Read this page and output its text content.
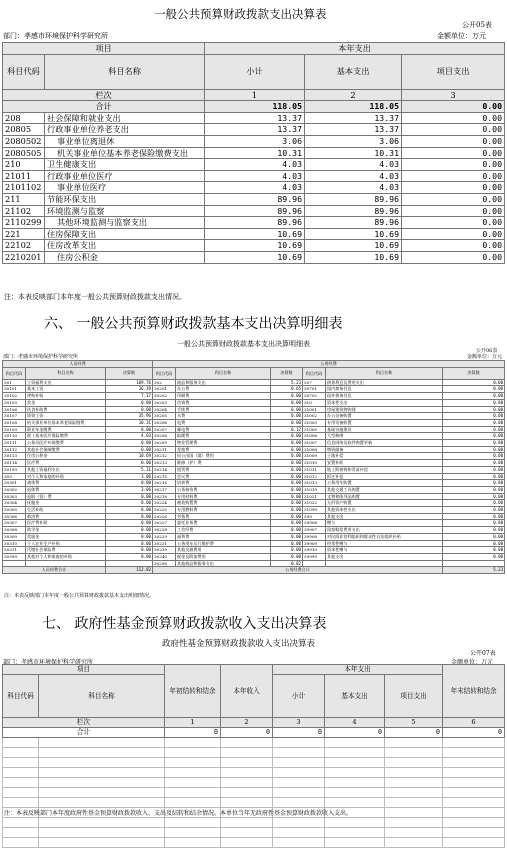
一般公共预算财政拨款支出决算表
公开05表
部门：孝感市环境保护科学研究所	金额单位：万元
项目		本年支出		
科目代码	科目名称	小计	基本支出	项目支出
栏次		1	2	3
合计		118.05	118.05	0.00
208	社会保障和就业支出	13.37	13.37	0.00
20805	行政事业单位养老支出	13.37	13.37	0.00
2080502	事业单位离退休	3.06	3.06	0.00
2080505	机关事业单位基本养老保险缴费支出	10.31	10.31	0.00
210	卫生健康支出	4.03	4.03	0.00
21011	行政事业单位医疗	4.03	4.03	0.00
2101102	事业单位医疗	4.03	4.03	0.00
211	节能环保支出	89.96	89.96	0.00
21102	环境监测与监察	89.96	89.96	0.00
2110299	其他环境监测与监察支出	89.96	89.96	0.00
221	住房保障支出	10.69	10.69	0.00
22102	住房改革支出	10.69	10.69	0.00
2210201	住房公积金	10.69	10.69	0.00
注：本表反映部门本年度一般公共预算财政拨款支出情况。
六、 一般公共预算财政拨款基本支出决算明细表
一般公共预算财政拨款基本支出决算明细表
公开06表
部门：孝感市环境保护科学研究所	金额单位：万元
人员经费			公用经费					
科目代码	科目名称	决算数	科目代码	科目名称	决算数	科目代码	科目名称	决算数
301	工资福利支出	109.76	302	商品和服务支出	5.23	307	债务利息及费用支出	0.00
30101	基本工资	36.39	30201	办公费	0.65	30701	国内债务付息	0.00
30102	津贴补贴	7.17	30202	印刷费	0.00	30702	国外债务付息	0.00
30103	奖金	0.00	30203	咨询费	0.00	310	资本性支出	0.00
30106	伙食补助费	0.00	30204	手续费	0.00	31001	房屋建筑物购建	0.00
30107	绩效工资	35.96	30205	水费	0.00	31002	办公设备购置	0.00
30108	机关事业单位基本养老保险缴费	10.31	30206	电费	0.00	31003	专用设备购置	0.00
30109	职业年金缴费	0.00	30207	邮电费	0.12	31005	基础设施建设	0.00
30110	职工基本医疗保险缴费	4.03	30208	取暖费	0.00	31006	大型修缮	0.00
30111	公务员医疗补助缴费	0.00	30209	物业管理费	0.00	31007	信息网络及软件购置更新	0.00
30112	其他社会保障缴费	0.00	30211	差旅费	0.00	31008	物资储备	0.00
30113	住房公积金	10.69	30212	因公出国（境）费用	0.00	31009	土地补偿	0.00
30114	医疗费	0.00	30213	维修（护）费	0.00	31010	安置补助	0.00
30199	其他工资福利支出	5.31	30214	租赁费	0.00	31011	地上附着物和青苗补偿	0.00
303	对个人和家庭的补助	3.06	30215	会议费	0.00	31012	拆迁补偿	0.00
30301	离休费	0.00	30216	培训费	0.00	31013	公务用车购置	0.00
30302	退休费	3.06	30217	公务接待费	0.00	31019	其他交通工具购置	0.00
30303	退职（役）费	0.00	30218	专用材料费	0.00	31021	文物和陈列品购置	0.00
30304	抚恤金	0.00	30224	被装购置费	0.00	31022	无形资产购置	0.00
30305	生活补助	0.00	30225	专用燃料费	0.00	31099	其他资本性支出	0.00
30306	救济费	0.00	30226	劳务费	0.00	399	其他支出	0.00
30307	医疗费补助	0.00	30227	委托业务费	0.00	39906	赠与	0.00
30308	助学金	0.00	30228	工会经费	0.00	39907	国家赔偿费用支出	0.00
30309	奖励金	0.00	30229	福利费	0.00	39908	对民间非营利组织和群众性自治组织补贴	0.00
30310	个人农业生产补贴	0.00	30231	公务用车运行维护费	0.00	39909	经常性赠与	0.00
30311	代缴社会保险费	0.00	30239	其他交通费用	0.00	39910	资本性赠与	0.00
30399	其他对个人和家庭的补助	0.00	30240	税金及附加费用	0.00	39999	其他支出	0.00
			30299	其他商品和服务支出	0.82			
人员经费合计		112.82	公用经费合计					5.23
注：本表反映部门本年度一般公共预算财政拨款基本支出明细情况。
七、 政府性基金预算财政拨款收入支出决算表
政府性基金预算财政拨款收入支出决算表
公开07表
部门：孝感市环境保护科学研究所	金额单位：万元
项目		年初结转和结余	本年收入	本年支出			年末结转和结余
科目代码	科目名称			小计	基本支出	项目支出	
栏次		1	2	3	4	5	6
合计		0	0	0	0	0	0

注：本表反映部门本年度政府性基金预算财政拨款收入、支出及结转和结余情况。本单位当年无政府性基金预算财政拨款收入支出。
